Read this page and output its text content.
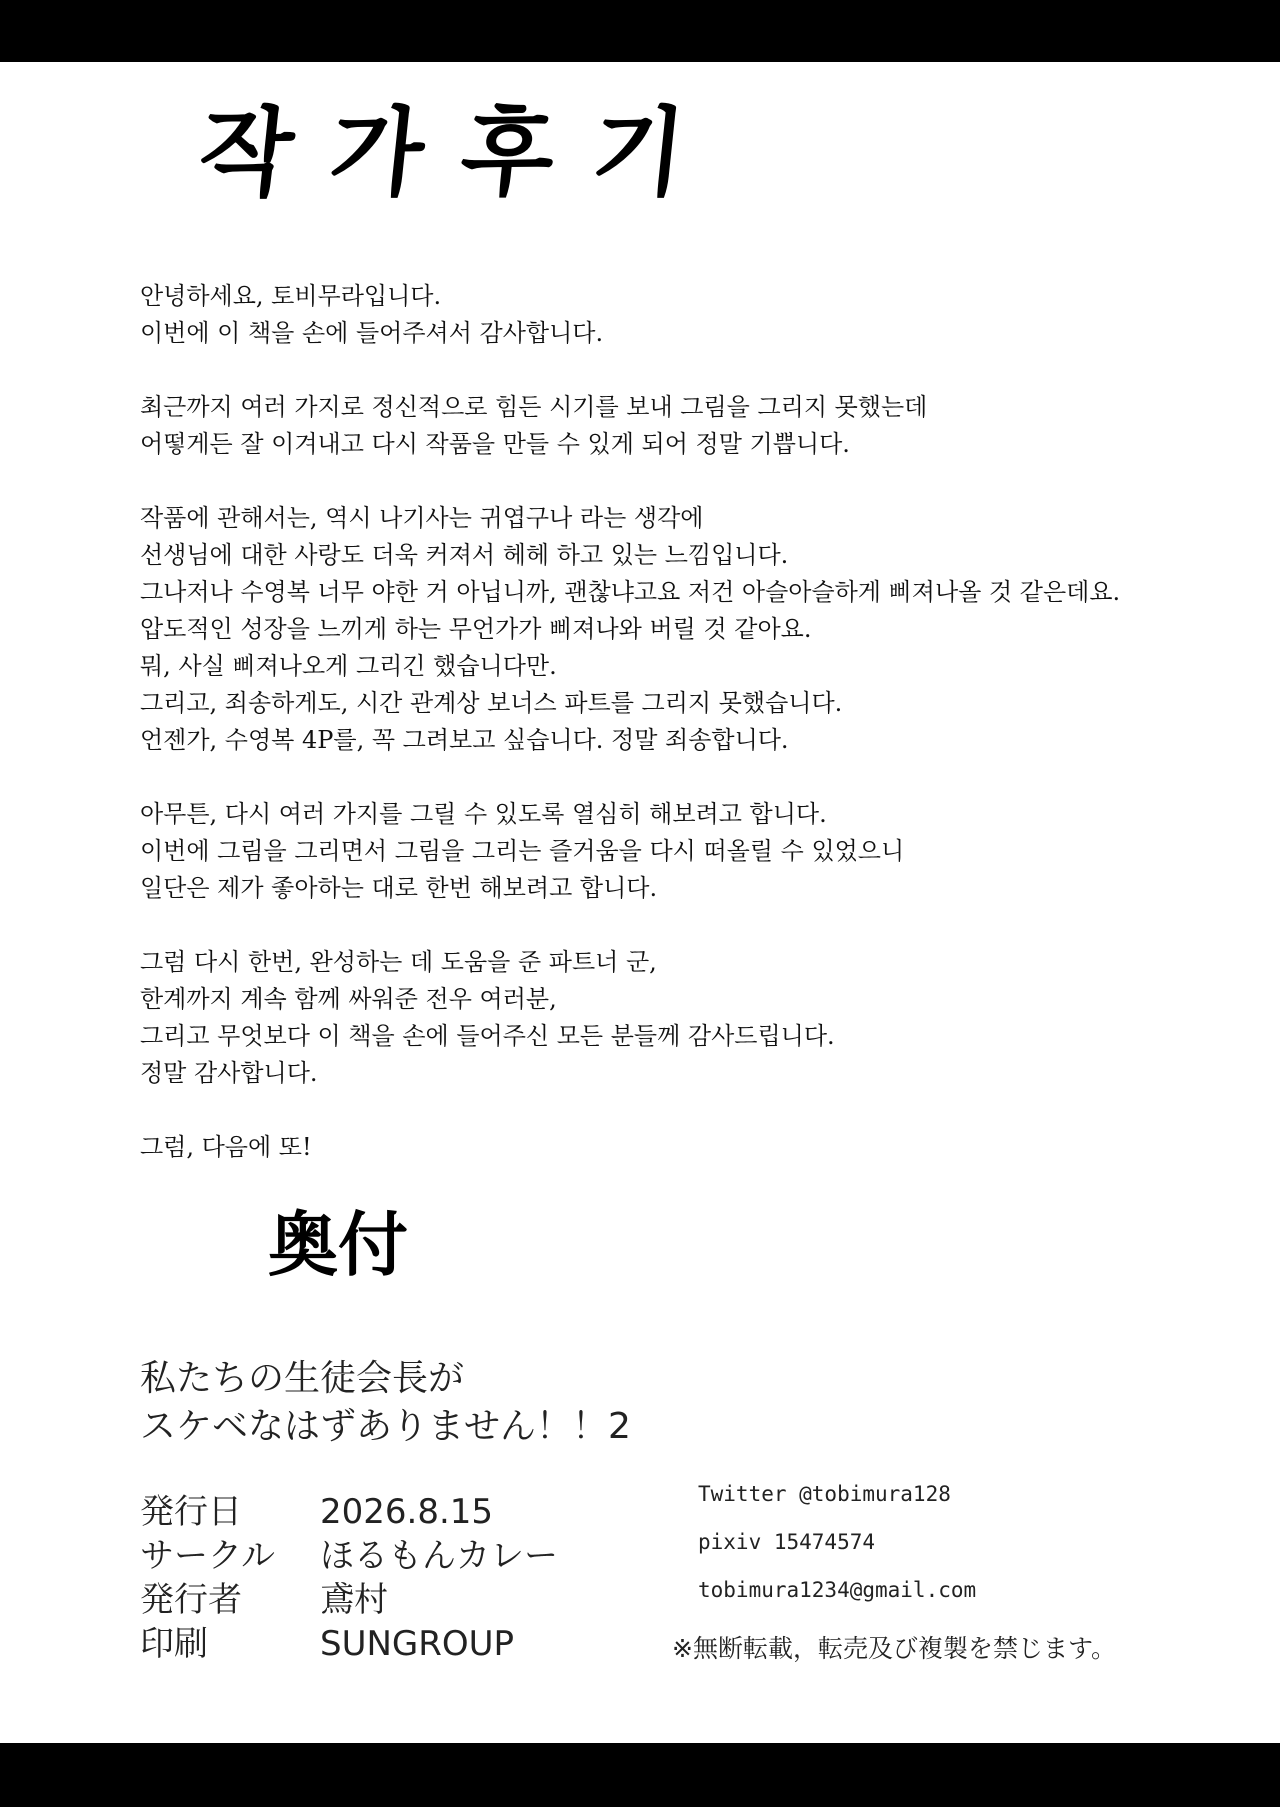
작가후기
안녕하세요, 토비무라입니다.
이번에 이 책을 손에 들어주셔서 감사합니다.
최근까지 여러 가지로 정신적으로 힘든 시기를 보내 그림을 그리지 못했는데
어떻게든 잘 이겨내고 다시 작품을 만들 수 있게 되어 정말 기쁩니다.
작품에 관해서는, 역시 나기사는 귀엽구나 라는 생각에
선생님에 대한 사랑도 더욱 커져서 헤헤 하고 있는 느낌입니다.
그나저나 수영복 너무 야한 거 아닙니까, 괜찮냐고요 저건 아슬아슬하게 삐져나올 것 같은데요.
압도적인 성장을 느끼게 하는 무언가가 삐져나와 버릴 것 같아요.
뭐, 사실 삐져나오게 그리긴 했습니다만.
그리고, 죄송하게도, 시간 관계상 보너스 파트를 그리지 못했습니다.
언젠가, 수영복 4P를, 꼭 그려보고 싶습니다. 정말 죄송합니다.
아무튼, 다시 여러 가지를 그릴 수 있도록 열심히 해보려고 합니다.
이번에 그림을 그리면서 그림을 그리는 즐거움을 다시 떠올릴 수 있었으니
일단은 제가 좋아하는 대로 한번 해보려고 합니다.
그럼 다시 한번, 완성하는 데 도움을 준 파트너 군,
한계까지 계속 함께 싸워준 전우 여러분,
그리고 무엇보다 이 책을 손에 들어주신 모든 분들께 감사드립니다.
정말 감사합니다.
그럼, 다음에 또!
奥付
私たちの生徒会長が
スケベなはずありません！！2
発行日	2026.8.15
サークル	ほるもんカレー
発行者	鳶村
印刷	SUNGROUP
Twitter @tobimura128
pixiv 15474574
tobimura1234@gmail.com
※無断転載，転売及び複製を禁じます。
